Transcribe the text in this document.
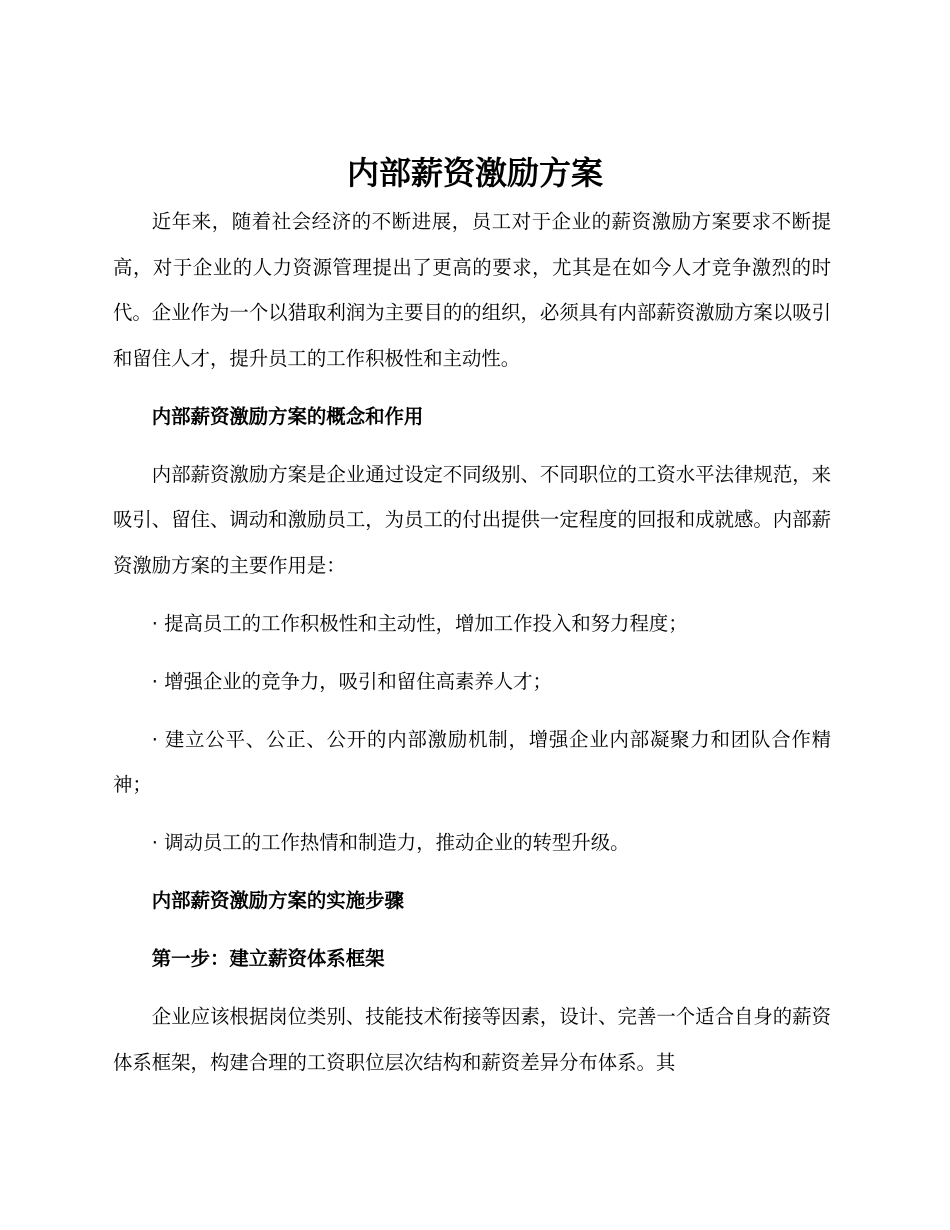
内部薪资激励方案

近年来，随着社会经济的不断进展，员工对于企业的薪资激励方案要求不断提高，对于企业的人力资源管理提出了更高的要求，尤其是在如今人才竞争激烈的时代。企业作为一个以猎取利润为主要目的的组织，必须具有内部薪资激励方案以吸引和留住人才，提升员工的工作积极性和主动性。

内部薪资激励方案的概念和作用

内部薪资激励方案是企业通过设定不同级别、不同职位的工资水平法律规范，来吸引、留住、调动和激励员工，为员工的付出提供一定程度的回报和成就感。内部薪资激励方案的主要作用是：

· 提高员工的工作积极性和主动性，增加工作投入和努力程度；

· 增强企业的竞争力，吸引和留住高素养人才；

· 建立公平、公正、公开的内部激励机制，增强企业内部凝聚力和团队合作精神；

· 调动员工的工作热情和制造力，推动企业的转型升级。

内部薪资激励方案的实施步骤

第一步：建立薪资体系框架

企业应该根据岗位类别、技能技术衔接等因素，设计、完善一个适合自身的薪资体系框架，构建合理的工资职位层次结构和薪资差异分布体系。其
